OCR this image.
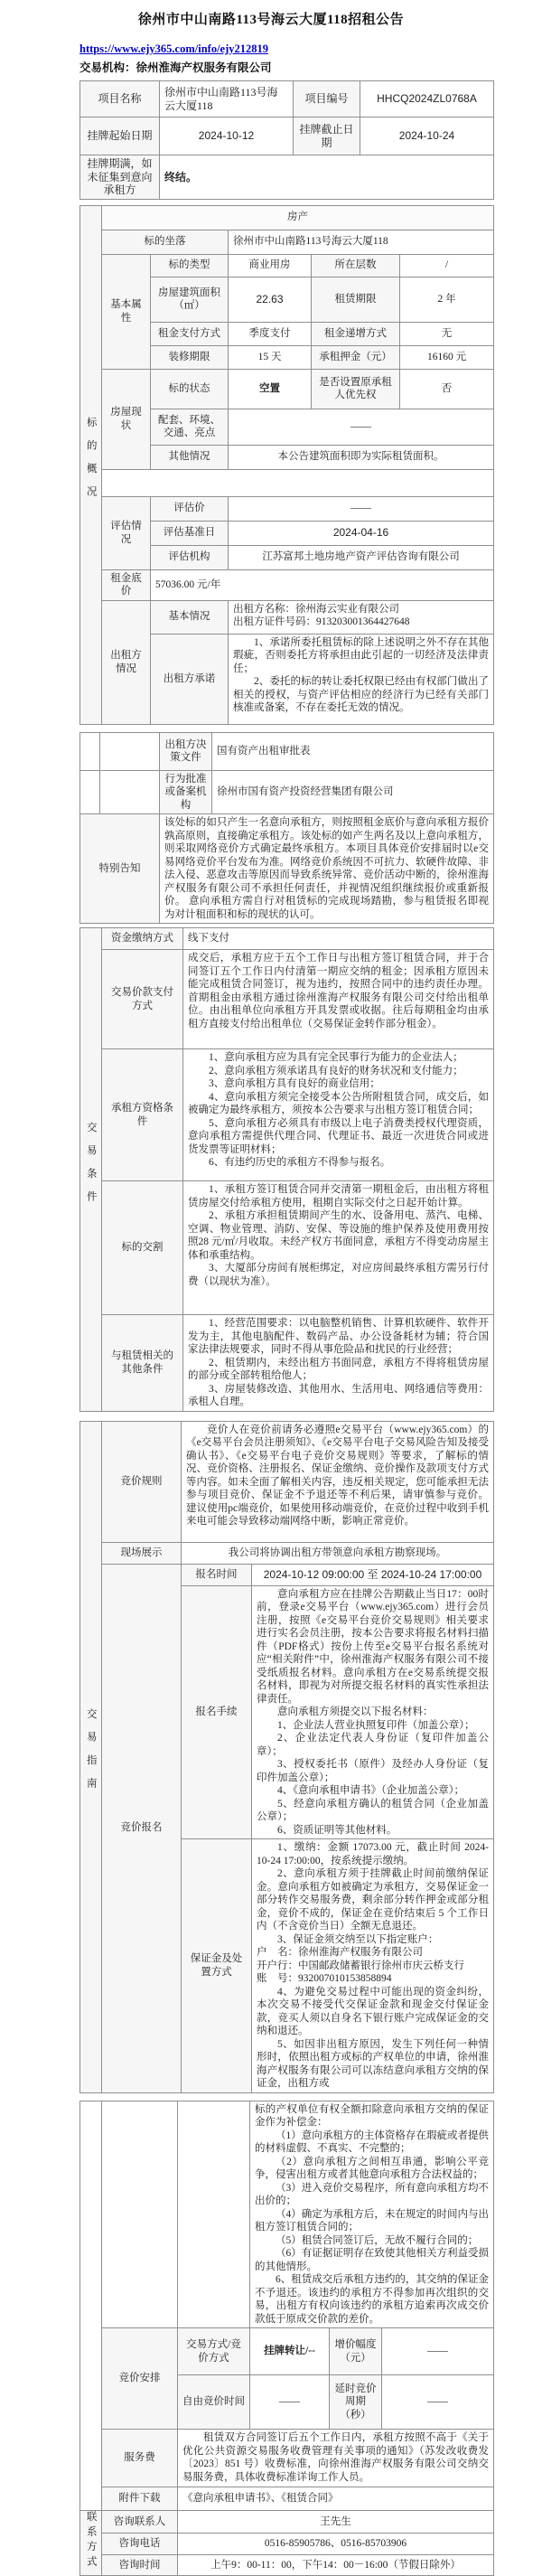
徐州市中山南路113号海云大厦118招租公告
https://www.ejy365.com/info/ejy212819
交易机构：徐州淮海产权服务有限公司
项目名称	徐州市中山南路113号海云大厦118	项目编号	HHCQ2024ZL0768A
挂牌起始日期	2024-10-12	挂牌截止日期	2024-10-24
挂牌期满，如未征集到意向承租方	终结。		
标的概况	房产				
	标的坐落		徐州市中山南路113号海云大厦118		
	基本属性	标的类型	商业用房	所在层数	/
		房屋建筑面积（㎡）	22.63	租赁期限	2 年
		租金支付方式	季度支付	租金递增方式	无
		装修期限	15 天	承租押金（元）	16160 元
	房屋现状	标的状态	空置	是否设置原承租人优先权	否
		配套、环境、交通、亮点	——		
		其他情况	本公告建筑面积即为实际租赁面积。		

	评估情况	评估价	——		
		评估基准日	2024-04-16		
		评估机构	江苏富邦土地房地产资产评估咨询有限公司		
	租金底价	57036.00 元/年			
	出租方情况	基本情况	出租方名称：徐州海云实业有限公司

出租方证件号码：913203001364427648		

		出租方承诺	1、承诺所委托租赁标的除上述说明之外不存在其他瑕疵，否则委托方将承担由此引起的一切经济及法律责任；

2、委托的标的转让委托权限已经由有权部门做出了相关的授权，与资产评估相应的经济行为已经有关部门核准或备案，不存在委托无效的情况。		

		出租方决策文件	国有资产出租审批表
		行为批准或备案机构	徐州市国有资产投资经营集团有限公司
特别告知		该处标的如只产生一名意向承租方，则按照租金底价与意向承租方报价孰高原则，直接确定承租方。该处标的如产生两名及以上意向承租方，则采取网络竞价方式确定最终承租方。本项目具体竞价安排届时以e交易网络竞价平台发布为准。网络竞价系统因不可抗力、软硬件故障、非法入侵、恶意攻击等原因而导致系统异常、竞价活动中断的，徐州淮海产权服务有限公司不承担任何责任，并视情况组织继续报价或重新报价。 意向承租方需自行对租赁标的完成现场踏勘，参与租赁报名即视为对计租面积和标的现状的认可。	

交易条件	资金缴纳方式	线下支付
	交易价款支付方式	成交后，承租方应于五个工作日与出租方签订租赁合同，并于合同签订五个工作日内付清第一期应交纳的租金；因承租方原因未能完成租赁合同签订，视为违约，按照合同中的违约责任办理。首期租金由承租方通过徐州淮海产权服务有限公司交付给出租单位。由出租单位向承租方开具发票或收据。往后每期租金均由承租方直接支付给出租单位（交易保证金转作部分租金）。

承租方资格条件	

1、意向承租方应为具有完全民事行为能力的企业法人；

2、意向承租方须承诺具有良好的财务状况和支付能力；

3、意向承租方具有良好的商业信用；

4、意向承租方须完全接受本公告所附租赁合同，成交后，如被确定为最终承租方，须按本公告要求与出租方签订租赁合同；

5、意向承租方必须具有市级以上电子消费类授权代理资质，意向承租方需提供代理合同、代理证书、最近一次进货合同或进货发票等证明材料；

6、有违约历史的承租方不得参与报名。

	标的交割	1、承租方签订租赁合同并交清第一期租金后，由出租方将租赁房屋交付给承租方使用，租期自实际交付之日起开始计算。

2、承租方承担租赁期间产生的水、设备用电、蒸汽、电梯、空调、物业管理、消防、安保、等设施的维护保养及使用费用按照28 元/㎡/月收取。未经产权方书面同意，承租方不得变动房屋主体和承重结构。

3、大厦部分房间有展柜绑定，对应房间最终承租方需另行付费（以现状为准）。

	与租赁相关的其他条件	1、经营范围要求：以电脑整机销售、计算机软硬件、软件开发为主，其他电脑配件、数码产品、办公设备耗材为辅；符合国家法律法规要求，同时不得从事危险品和扰民的行业经营；

2、租赁期内，未经出租方书面同意，承租方不得将租赁房屋的部分或全部转租给他人；

3、房屋装修改造、其他用水、生活用电、网络通信等费用：承租人自理。

交易指南	竞价规则	竞价人在竞价前请务必遵照e交易平台（www.ejy365.com）的《e交易平台会员注册须知》、《e交易平台电子交易风险告知及接受确认书》、《e交易平台电子竞价交易规则》等要求，了解标的情况、竞价资格、注册报名、保证金缴纳、竞价操作及款项支付方式等内容。如未全面了解相关内容，违反相关规定，您可能承担无法参与项目竞价、保证金不予退还等不利后果，请审慎参与竞价。 建议使用pc端竞价，如果使用移动端竞价，在竞价过程中收到手机来电可能会导致移动端网络中断，影响正常竞价。	

	现场展示	我公司将协调出租方带领意向承租方勘察现场。	
	竞价报名	报名时间	2024-10-12 09:00:00 至 2024-10-24 17:00:00
报名手续	

意向承租方应在挂牌公告期截止当日17：00时前，登录e交易平台（www.ejy365.com）进行会员注册，按照《e交易平台竞价交易规则》相关要求进行实名会员注册，按本公告要求将报名材料扫描件（PDF格式）按份上传至e交易平台报名系统对应“相关附件”中，徐州淮海产权服务有限公司不接受纸质报名材料。意向承租方在e交易系统提交报名材料，即视为对所提交报名材料的真实性承担法律责任。

意向承租方须提交以下报名材料：

1、企业法人营业执照复印件（加盖公章）；

2、企业法定代表人身份证（复印件加盖公章）；

3、授权委托书（原件）及经办人身份证（复印件加盖公章）；

4、《意向承租申请书》（企业加盖公章）；

5、经意向承租方确认的租赁合同（企业加盖公章）；

6、资质证明等其他材料。

保证金及处置方式	

1、缴纳：金额 17073.00 元，截止时间 2024-10-24 17:00:00，按系统提示缴纳。

2、意向承租方须于挂牌截止时间前缴纳保证金。意向承租方如被确定为承租方，交易保证金一部分转作交易服务费，剩余部分转作押金或部分租金，竞价不成的，保证金在竞价结束后 5 个工作日内（不含竞价当日）全额无息退还。

3、保证金须交纳至以下指定账户：

户　名：徐州淮海产权服务有限公司

开户行：中国邮政储蓄银行徐州市庆云桥支行

账　号：932007010153858894

4、为避免交易过程中可能出现的资金纠纷，本次交易不接受代交保证金款和现金交付保证金款，竞买人须以自身名下银行账户完成保证金的交纳和退还。

5、如因非出租方原因，发生下列任何一种情形时，依照出租方或标的产权单位的申请，徐州淮海产权服务有限公司可以冻结意向承租方交纳的保证金，出租方或

标的产权单位有权全额扣除意向承租方交纳的保证金作为补偿金：

（1）意向承租方的主体资格存在瑕疵或者提供的材料虚假、不真实、不完整的；

（2）意向承租方之间相互串通，影响公平竞争，侵害出租方或者其他意向承租方合法权益的；

（3）进入竞价交易程序，所有意向承租方均不出价的；

（4）确定为承租方后，未在规定的时间内与出租方签订租赁合同的；

（5）租赁合同签订后，无故不履行合同的；

（6）有证据证明存在致使其他相关方利益受损的其他情形。

6、租赁成交后承租方违约的，其交纳的保证金不予退还。该违约的承租方不得参加再次组织的交易，出租方有权向该违约的承租方追索再次成交价款低于原成交价款的差价。

	竞价安排	交易方式/竞价方式	挂牌转让/--	增价幅度（元）	——
		自由竞价时间	——	延时竞价周期（秒）	——
	服务费	租赁双方合同签订后五个工作日内，承租方按照不高于《关于优化公共资源交易服务收费管理有关事项的通知》（苏发改收费发〔2023〕851 号）收费标准，向徐州淮海产权服务有限公司交纳交易服务费，具体收费标准详询工作人员。			

	附件下载	《意向承租申请书》、《租赁合同》			
联系方式	咨询联系人	王先生			
	咨询电话	0516-85905786、0516-85703906			
	咨询时间	上午9：00-11：00，下午14：00－16:00（节假日除外）			
